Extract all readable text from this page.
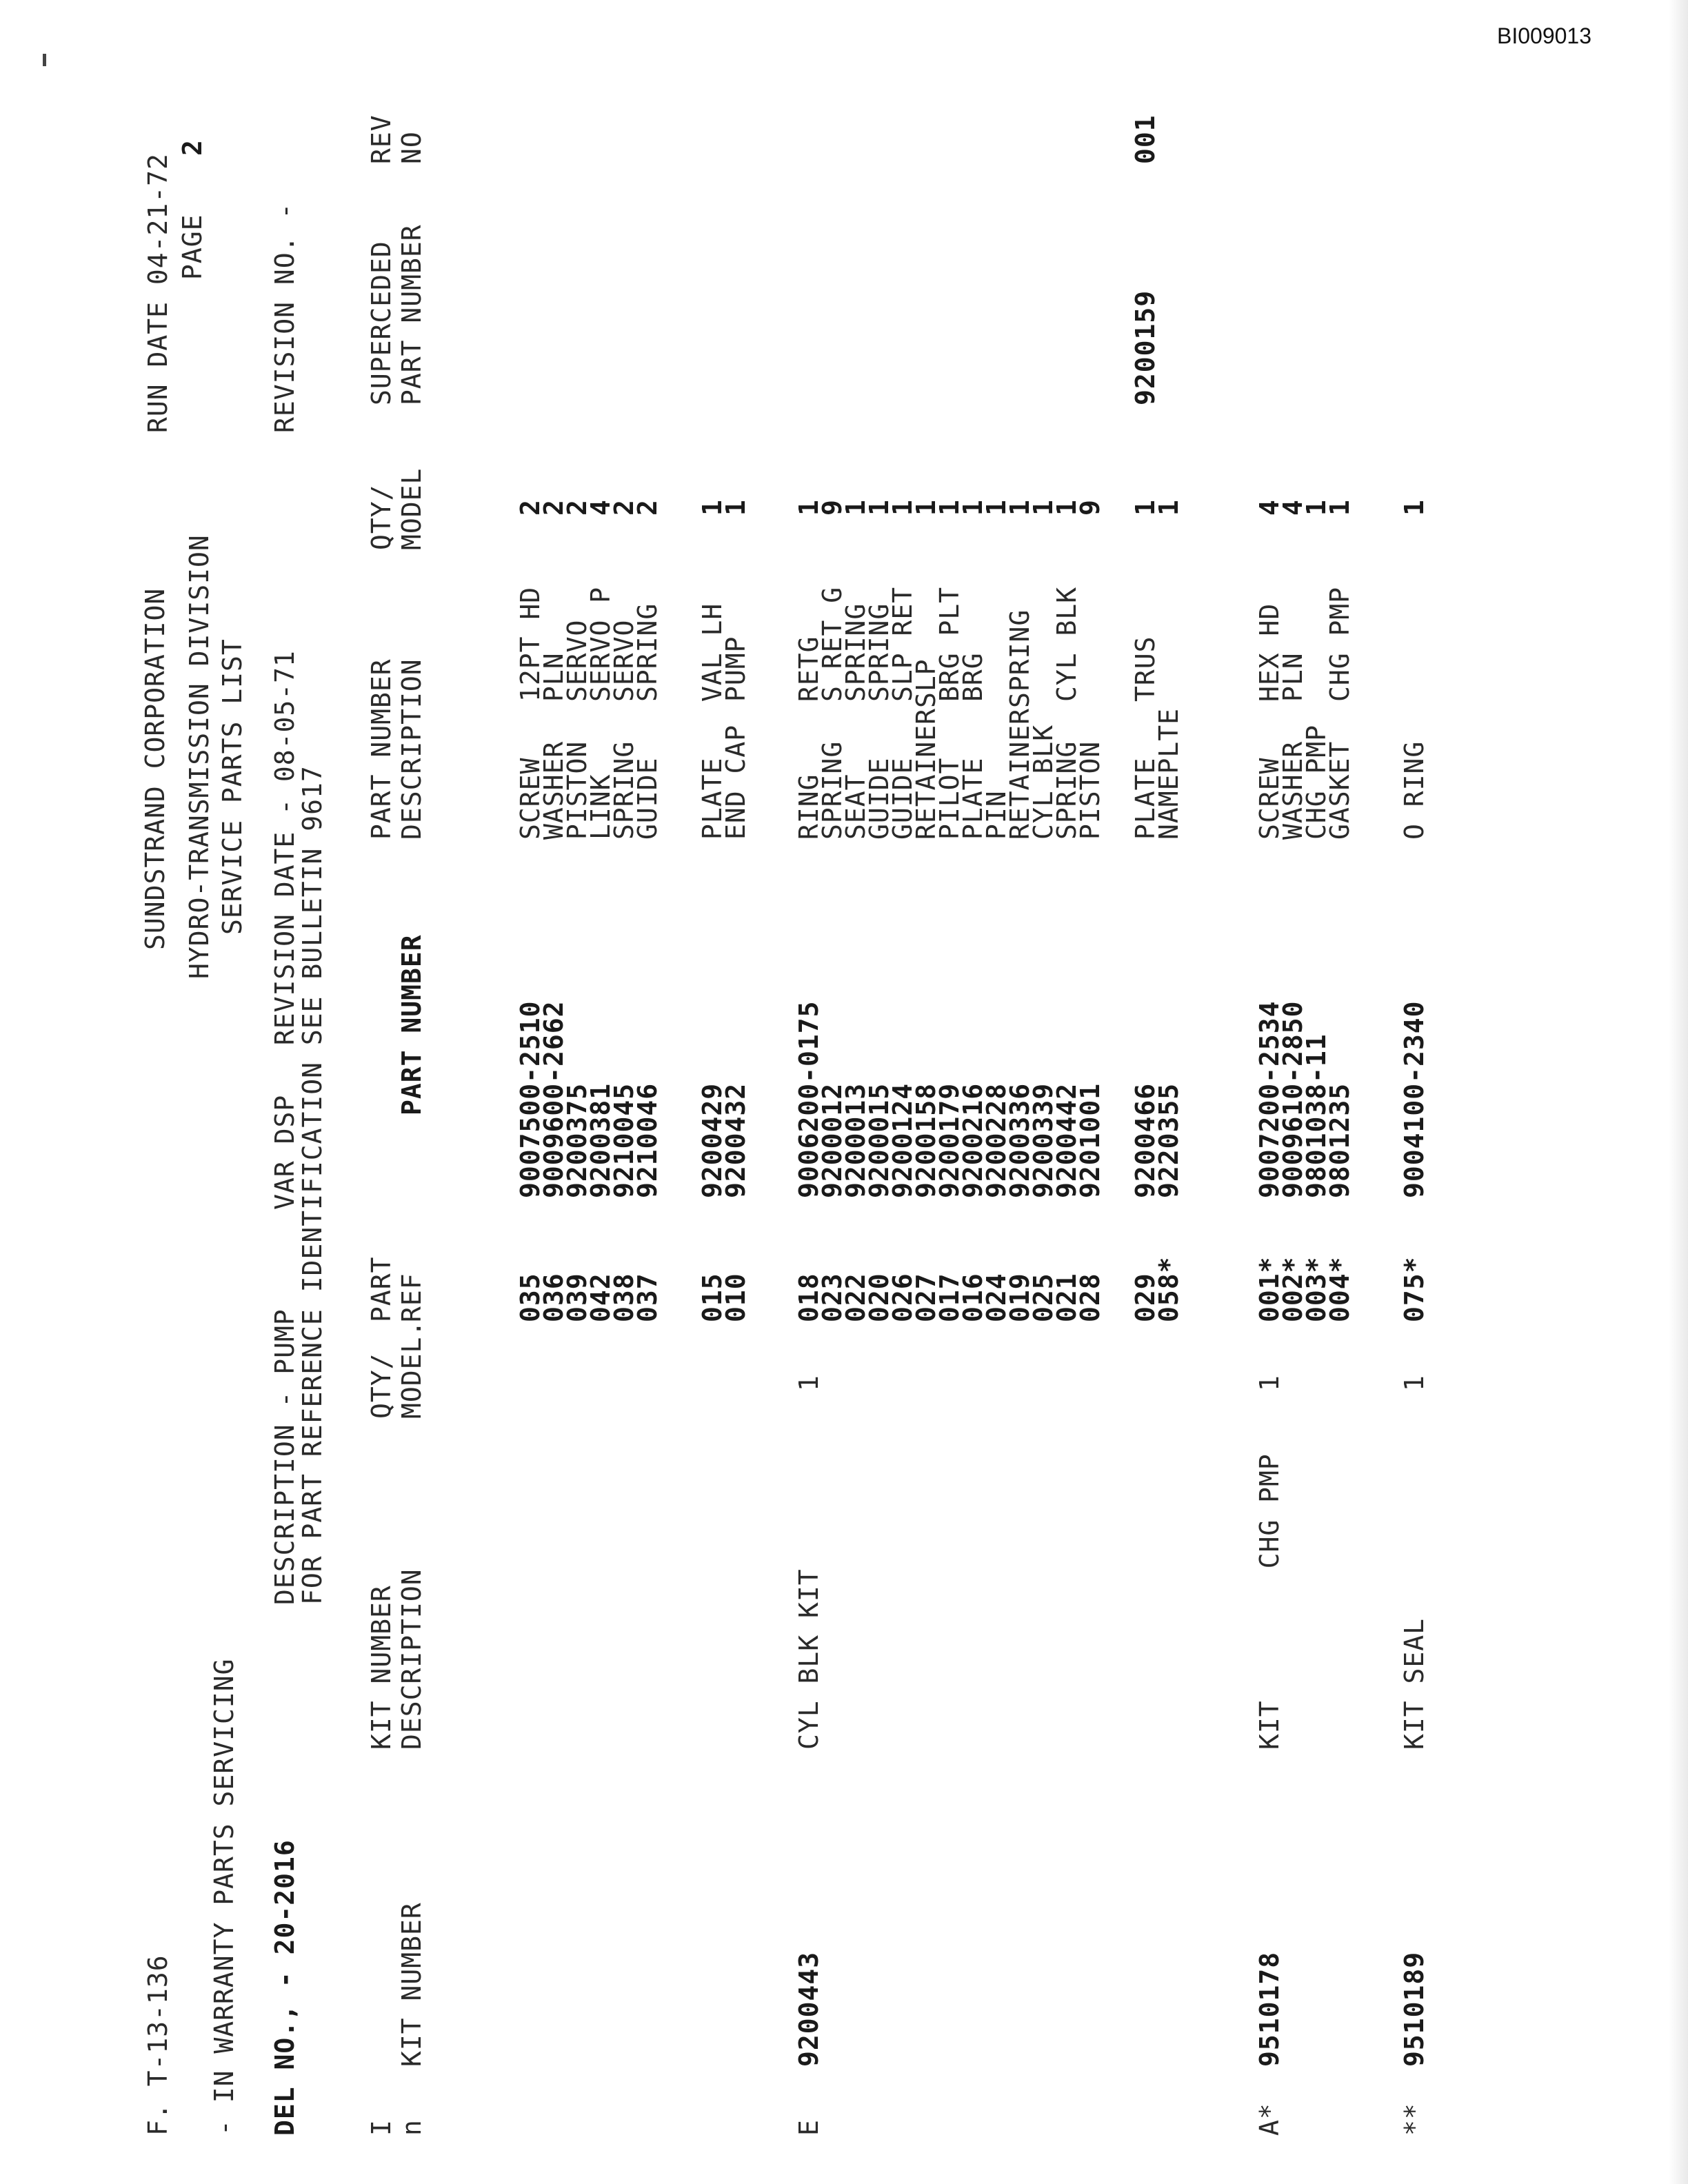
BI009013
F. T-13-136 - IN WARRANTY PARTS SERVICING DEL NO., - 20-2016
SUNDSTRAND CORPORATION HYDRO-TRANSMISSION DIVISION SERVICE PARTS LIST
RUN DATE 04-21-72 PAGE
2
DESCRIPTION - PUMP      VAR DSP   REVISION DATE - 08-05-71
FOR PART REFERENCE IDENTIFICATION SEE BULLETIN 9617
REVISION NO. -
I n
KIT NUMBER
KIT NUMBER DESCRIPTION
QTY/ MODEL.
PART REF
PART NUMBER
PART NUMBER DESCRIPTION
QTY/ MODEL
SUPERCEDED PART NUMBER
REV NO
035
036
039
042
038
037
9007500-2510
9009600-2662
9200375
9200381
9210045
9210046
SCREW
WASHER
PISTON
LINK
SPRING
GUIDE
12PT HD
PLN
SERVO
SERVO P
SERVO
SPRING
2
2
2
4
2
2
015
010
9200429
9200432
PLATE
END CAP
VAL LH
PUMP
1
1
E
9200443
CYL BLK KIT
1
018
023
022
020
026
027
017
016
024
019
025
021
028
9006200-0175
9200012
9200013
9200015
9200124
9200158
9200179
9200216
9200228
9200336
9200339
9200442
9201001
RING
SPRING
SEAT
GUIDE
GUIDE
RETAINERSLP
PILOT
PLATE
PIN
RETAINERSPRING
CYL BLK
SPRING
PISTON
RETG
S RET G
SPRING
SPRING
SLP RET BRG PLT
BRG CYL BLK
1
9
1
1
1
1
1
1
1
1
1
1
9
029
058*
9200466
9220355
PLATE
NAMEPLTE
TRUS
1
1
9200159
001
A*
9510178
KIT        CHG PMP
1
001*
002*
003*
004*
9007200-2534
9009610-2850
9801038-11
9801235
SCREW
WASHER
CHG PMP
GASKET
HEX HD
PLN CHG PMP
4
4
1
1
**
9510189
KIT SEAL
1
075*
9004100-2340
O RING
1
